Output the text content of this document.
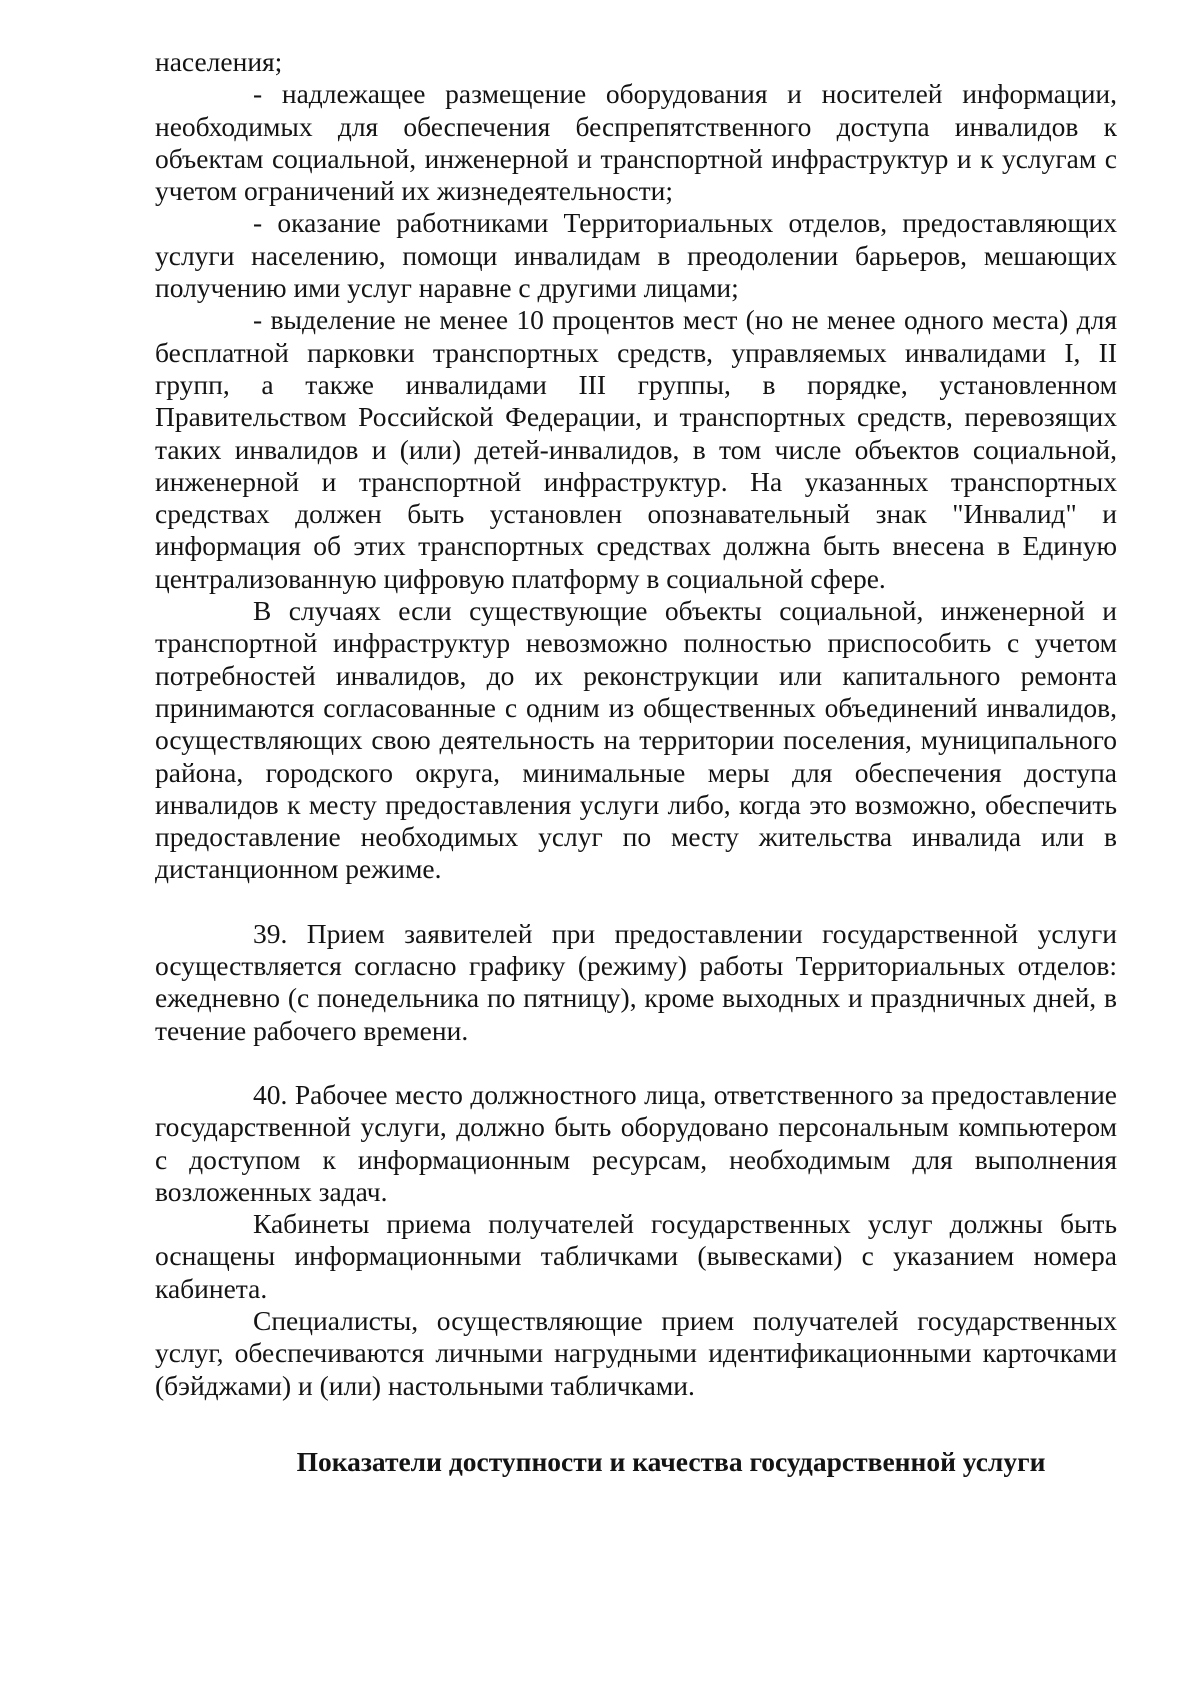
населения;

- надлежащее размещение оборудования и носителей информации, необходимых для обеспечения беспрепятственного доступа инвалидов к объектам социальной, инженерной и транспортной инфраструктур и к услугам с учетом ограничений их жизнедеятельности;

- оказание работниками Территориальных отделов, предоставляющих услуги населению, помощи инвалидам в преодолении барьеров, мешающих получению ими услуг наравне с другими лицами;

- выделение не менее 10 процентов мест (но не менее одного места) для бесплатной парковки транспортных средств, управляемых инвалидами I, II групп, а также инвалидами III группы, в порядке, установленном Правительством Российской Федерации, и транспортных средств, перевозящих таких инвалидов и (или) детей-инвалидов, в том числе объектов социальной, инженерной и транспортной инфраструктур. На указанных транспортных средствах должен быть установлен опознавательный знак "Инвалид" и информация об этих транспортных средствах должна быть внесена в Единую централизованную цифровую платформу в социальной сфере.

В случаях если существующие объекты социальной, инженерной и транспортной инфраструктур невозможно полностью приспособить с учетом потребностей инвалидов, до их реконструкции или капитального ремонта принимаются согласованные с одним из общественных объединений инвалидов, осуществляющих свою деятельность на территории поселения, муниципального района, городского округа, минимальные меры для обеспечения доступа инвалидов к месту предоставления услуги либо, когда это возможно, обеспечить предоставление необходимых услуг по месту жительства инвалида или в дистанционном режиме.

39. Прием заявителей при предоставлении государственной услуги осуществляется согласно графику (режиму) работы Территориальных отделов: ежедневно (с понедельника по пятницу), кроме выходных и праздничных дней, в течение рабочего времени.

40. Рабочее место должностного лица, ответственного за предоставление государственной услуги, должно быть оборудовано персональным компьютером с доступом к информационным ресурсам, необходимым для выполнения возложенных задач.

Кабинеты приема получателей государственных услуг должны быть оснащены информационными табличками (вывесками) с указанием номера кабинета.

Специалисты, осуществляющие прием получателей государственных услуг, обеспечиваются личными нагрудными идентификационными карточками (бэйджами) и (или) настольными табличками.

Показатели доступности и качества государственной услуги
